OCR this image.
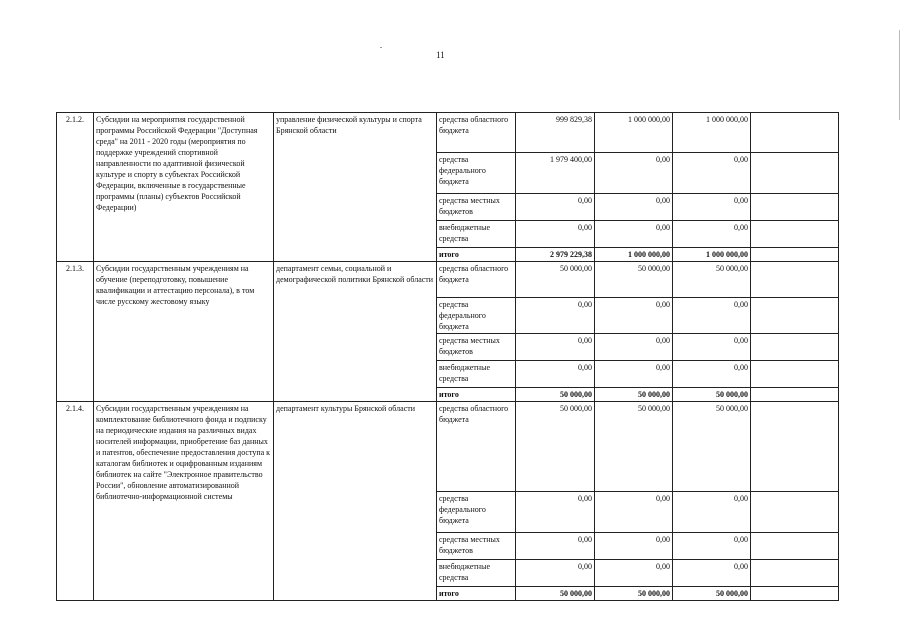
11
2.1.2.	Субсидии на мероприятия государственной программы Российской Федерации "Доступная среда" на 2011 - 2020 годы (мероприятия по поддержке учреждений спортивной направленности по адаптивной физической культуре и спорту в субъектах Российской Федерации, включенные в государственные программы (планы) субъектов Российской Федерации)	управление физической культуры и спорта Брянской области	средства областного бюджета	999 829,38	1 000 000,00	1 000 000,00	
			средства федерального бюджета	1 979 400,00	0,00	0,00	
			средства местных бюджетов	0,00	0,00	0,00	
			внебюджетные средства	0,00	0,00	0,00	
			итого	2 979 229,38	1 000 000,00	1 000 000,00	
2.1.3.	Субсидии государственным учреждениям на обучение (переподготовку, повышение квалификации и аттестацию персонала), в том числе русскому жестовому языку	департамент семьи, социальной и демографической политики Брянской области	средства областного бюджета	50 000,00	50 000,00	50 000,00	
			средства федерального бюджета	0,00	0,00	0,00	
			средства местных бюджетов	0,00	0,00	0,00	
			внебюджетные средства	0,00	0,00	0,00	
			итого	50 000,00	50 000,00	50 000,00	
2.1.4.	Субсидии государственным учреждениям на комплектование библиотечного фонда и подписку на периодические издания на различных видах носителей информации, приобретение баз данных и патентов, обеспечение предоставления доступа к каталогам библиотек и оцифрованным изданиям библиотек на сайте "Электронное правительство России", обновление автоматизированной библиотечно-информационной системы	департамент культуры Брянской области	средства областного бюджета	50 000,00	50 000,00	50 000,00	
			средства федерального бюджета	0,00	0,00	0,00	
			средства местных бюджетов	0,00	0,00	0,00	
			внебюджетные средства	0,00	0,00	0,00	
			итого	50 000,00	50 000,00	50 000,00	
